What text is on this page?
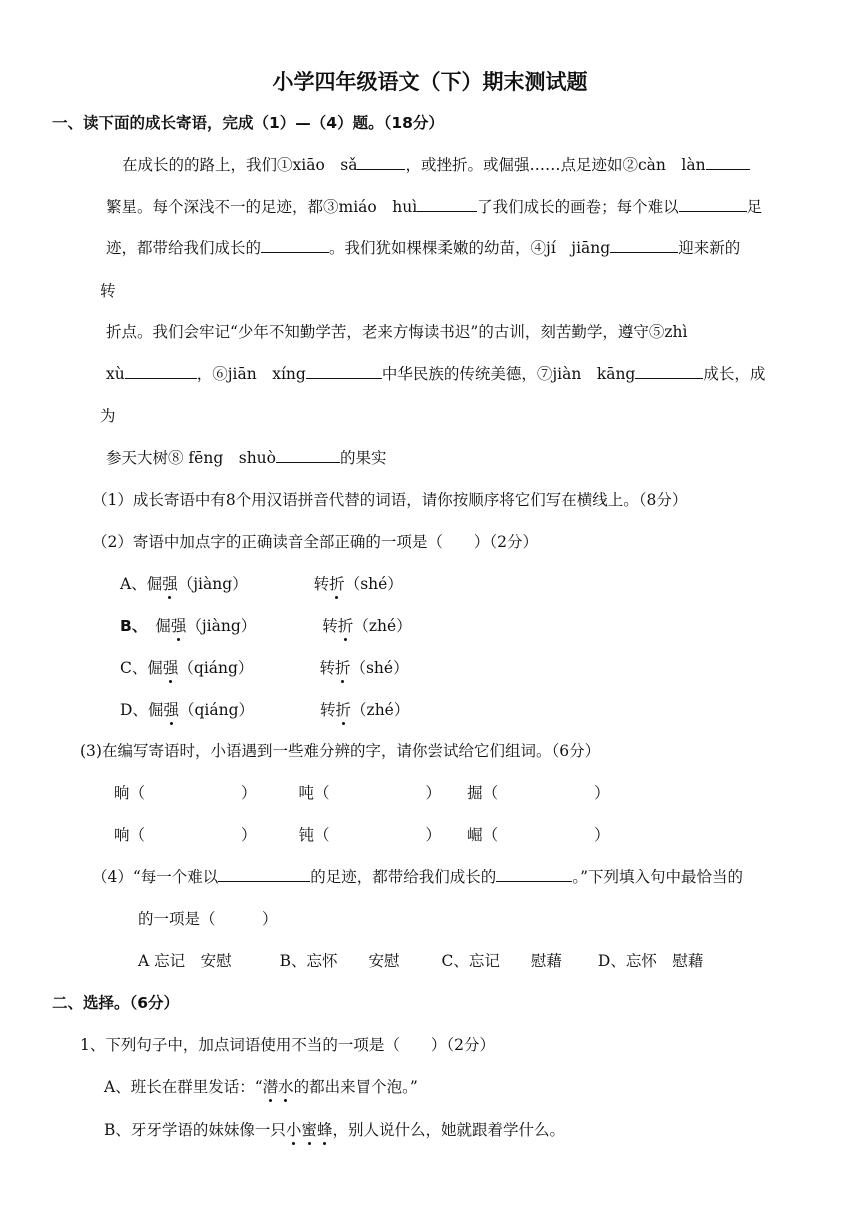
小学四年级语文（下）期末测试题
一、读下面的成长寄语，完成（1）—（4）题。（18分）
在成长的的路上，我们①xiāo　sǎ	，或挫折。或倔强……点足迹如②càn　làn
繁星。每个深浅不一的足迹，都③miáo　huì	了我们成长的画卷；每个难以	足
迹，都带给我们成长的	。我们犹如棵棵柔嫩的幼苗，④jí　jiāng	迎来新的
转
折点。我们会牢记“少年不知勤学苦，老来方悔读书迟”的古训，刻苦勤学，遵守⑤zhì
xù	，⑥jiān　xíng	中华民族的传统美德，⑦jiàn　kāng	成长，成
为
参天大树⑧ fēng　shuò	的果实
（1）成长寄语中有8个用汉语拼音代替的词语，请你按顺序将它们写在横线上。（8分）
（2）寄语中加点字的正确读音全部正确的一项是（　　）（2分）
A、倔强（jiàng）	转折（shé）
B、 倔强（jiàng）	转折（zhé）
C、倔强（qiáng）	转折（shé）
D、倔强（qiáng）	转折（zhé）
(3)在编写寄语时，小语遇到一些难分辨的字，请你尝试给它们组词。（6分）
晌（	）	吨（	） 掘（	）
响（	）	钝（	） 崛（	）
（4）“每一个难以	的足迹，都带给我们成长的	。”下列填入句中最恰当的
的一项是（　　　）
A 忘记　安慰	B、忘怀　　安慰	C、忘记　　慰藉 D、忘怀　慰藉
二、选择。（6分）
1、下列句子中，加点词语使用不当的一项是（　　）（2分）
A、班长在群里发话：“潜水的都出来冒个泡。”
B、牙牙学语的妹妹像一只小蜜蜂，别人说什么，她就跟着学什么。
